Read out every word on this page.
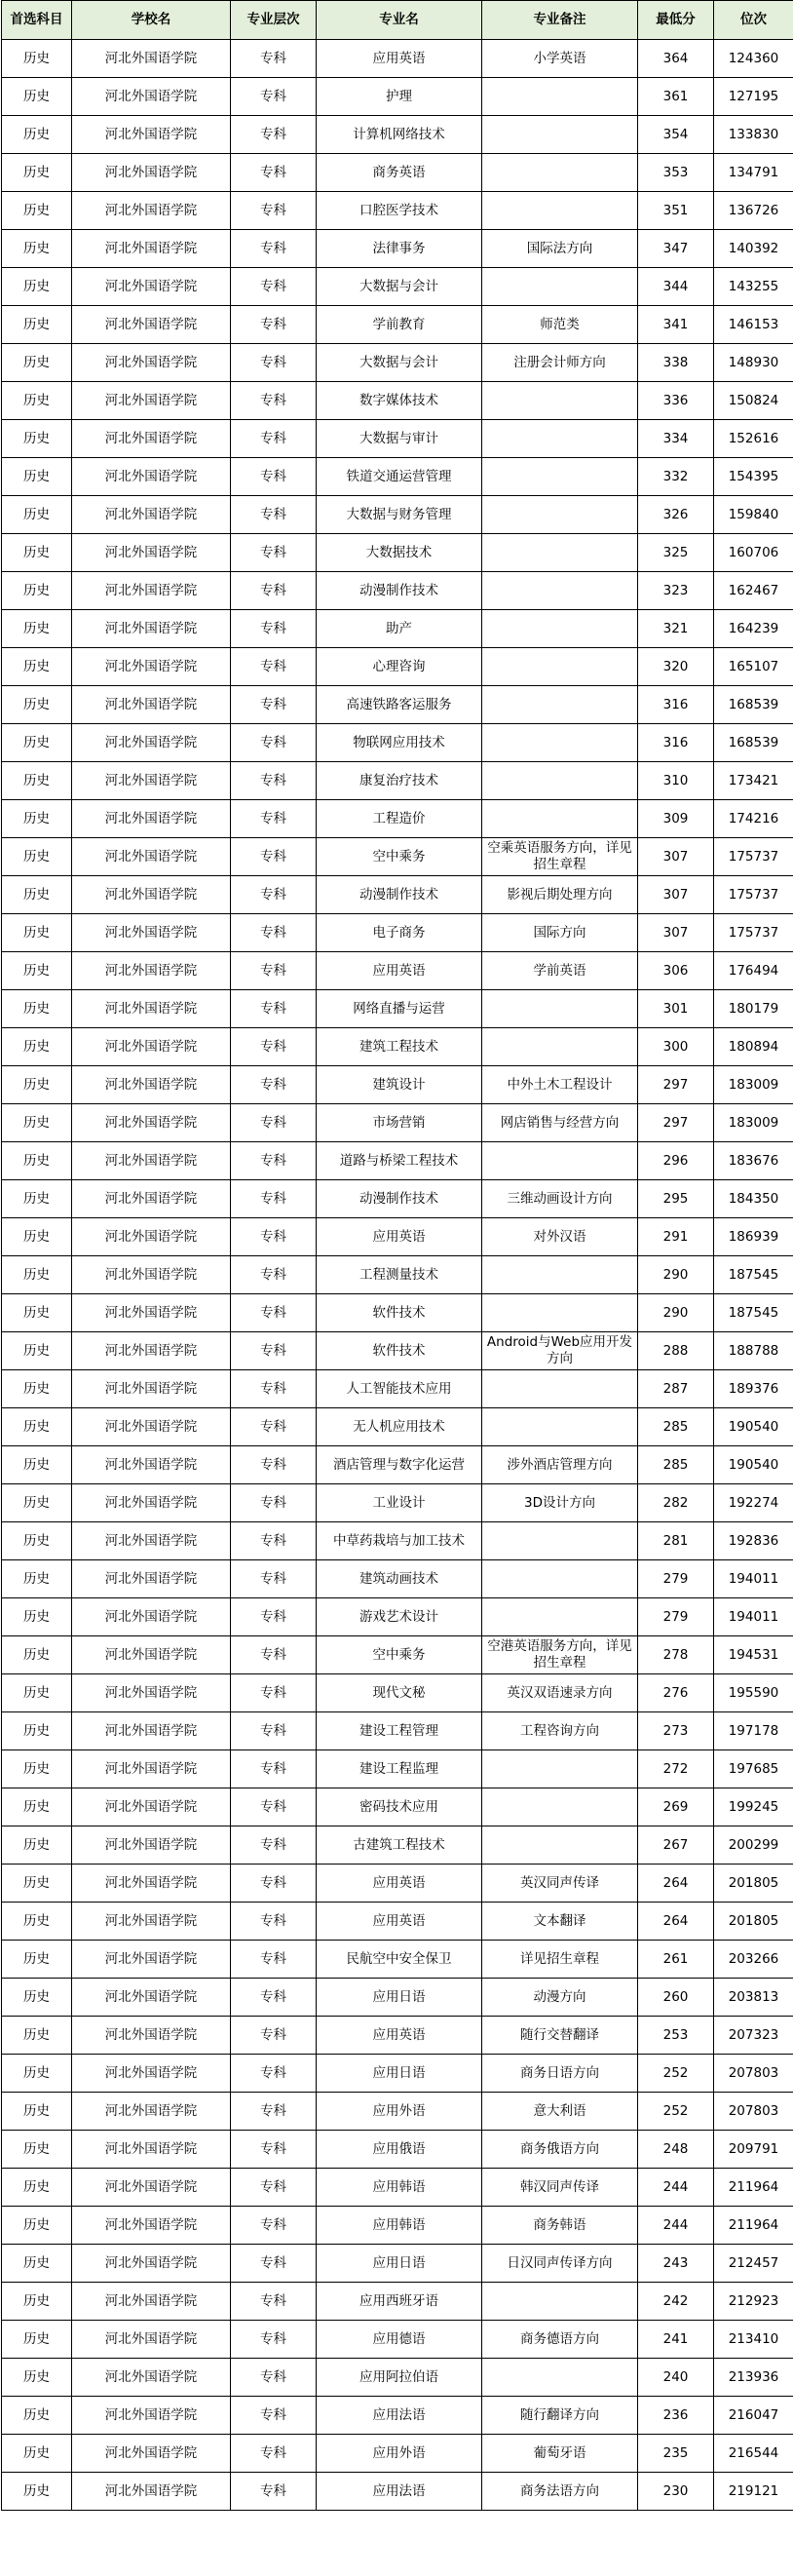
首选科目	学校名	专业层次	专业名	专业备注	最低分	位次
历史	河北外国语学院	专科	应用英语	小学英语	364	124360
历史	河北外国语学院	专科	护理		361	127195
历史	河北外国语学院	专科	计算机网络技术		354	133830
历史	河北外国语学院	专科	商务英语		353	134791
历史	河北外国语学院	专科	口腔医学技术		351	136726
历史	河北外国语学院	专科	法律事务	国际法方向	347	140392
历史	河北外国语学院	专科	大数据与会计		344	143255
历史	河北外国语学院	专科	学前教育	师范类	341	146153
历史	河北外国语学院	专科	大数据与会计	注册会计师方向	338	148930
历史	河北外国语学院	专科	数字媒体技术		336	150824
历史	河北外国语学院	专科	大数据与审计		334	152616
历史	河北外国语学院	专科	铁道交通运营管理		332	154395
历史	河北外国语学院	专科	大数据与财务管理		326	159840
历史	河北外国语学院	专科	大数据技术		325	160706
历史	河北外国语学院	专科	动漫制作技术		323	162467
历史	河北外国语学院	专科	助产		321	164239
历史	河北外国语学院	专科	心理咨询		320	165107
历史	河北外国语学院	专科	高速铁路客运服务		316	168539
历史	河北外国语学院	专科	物联网应用技术		316	168539
历史	河北外国语学院	专科	康复治疗技术		310	173421
历史	河北外国语学院	专科	工程造价		309	174216
历史	河北外国语学院	专科	空中乘务	空乘英语服务方向，详见招生章程	307	175737
历史	河北外国语学院	专科	动漫制作技术	影视后期处理方向	307	175737
历史	河北外国语学院	专科	电子商务	国际方向	307	175737
历史	河北外国语学院	专科	应用英语	学前英语	306	176494
历史	河北外国语学院	专科	网络直播与运营		301	180179
历史	河北外国语学院	专科	建筑工程技术		300	180894
历史	河北外国语学院	专科	建筑设计	中外土木工程设计	297	183009
历史	河北外国语学院	专科	市场营销	网店销售与经营方向	297	183009
历史	河北外国语学院	专科	道路与桥梁工程技术		296	183676
历史	河北外国语学院	专科	动漫制作技术	三维动画设计方向	295	184350
历史	河北外国语学院	专科	应用英语	对外汉语	291	186939
历史	河北外国语学院	专科	工程测量技术		290	187545
历史	河北外国语学院	专科	软件技术		290	187545
历史	河北外国语学院	专科	软件技术	Android与Web应用开发方向	288	188788
历史	河北外国语学院	专科	人工智能技术应用		287	189376
历史	河北外国语学院	专科	无人机应用技术		285	190540
历史	河北外国语学院	专科	酒店管理与数字化运营	涉外酒店管理方向	285	190540
历史	河北外国语学院	专科	工业设计	3D设计方向	282	192274
历史	河北外国语学院	专科	中草药栽培与加工技术		281	192836
历史	河北外国语学院	专科	建筑动画技术		279	194011
历史	河北外国语学院	专科	游戏艺术设计		279	194011
历史	河北外国语学院	专科	空中乘务	空港英语服务方向，详见招生章程	278	194531
历史	河北外国语学院	专科	现代文秘	英汉双语速录方向	276	195590
历史	河北外国语学院	专科	建设工程管理	工程咨询方向	273	197178
历史	河北外国语学院	专科	建设工程监理		272	197685
历史	河北外国语学院	专科	密码技术应用		269	199245
历史	河北外国语学院	专科	古建筑工程技术		267	200299
历史	河北外国语学院	专科	应用英语	英汉同声传译	264	201805
历史	河北外国语学院	专科	应用英语	文本翻译	264	201805
历史	河北外国语学院	专科	民航空中安全保卫	详见招生章程	261	203266
历史	河北外国语学院	专科	应用日语	动漫方向	260	203813
历史	河北外国语学院	专科	应用英语	随行交替翻译	253	207323
历史	河北外国语学院	专科	应用日语	商务日语方向	252	207803
历史	河北外国语学院	专科	应用外语	意大利语	252	207803
历史	河北外国语学院	专科	应用俄语	商务俄语方向	248	209791
历史	河北外国语学院	专科	应用韩语	韩汉同声传译	244	211964
历史	河北外国语学院	专科	应用韩语	商务韩语	244	211964
历史	河北外国语学院	专科	应用日语	日汉同声传译方向	243	212457
历史	河北外国语学院	专科	应用西班牙语		242	212923
历史	河北外国语学院	专科	应用德语	商务德语方向	241	213410
历史	河北外国语学院	专科	应用阿拉伯语		240	213936
历史	河北外国语学院	专科	应用法语	随行翻译方向	236	216047
历史	河北外国语学院	专科	应用外语	葡萄牙语	235	216544
历史	河北外国语学院	专科	应用法语	商务法语方向	230	219121
